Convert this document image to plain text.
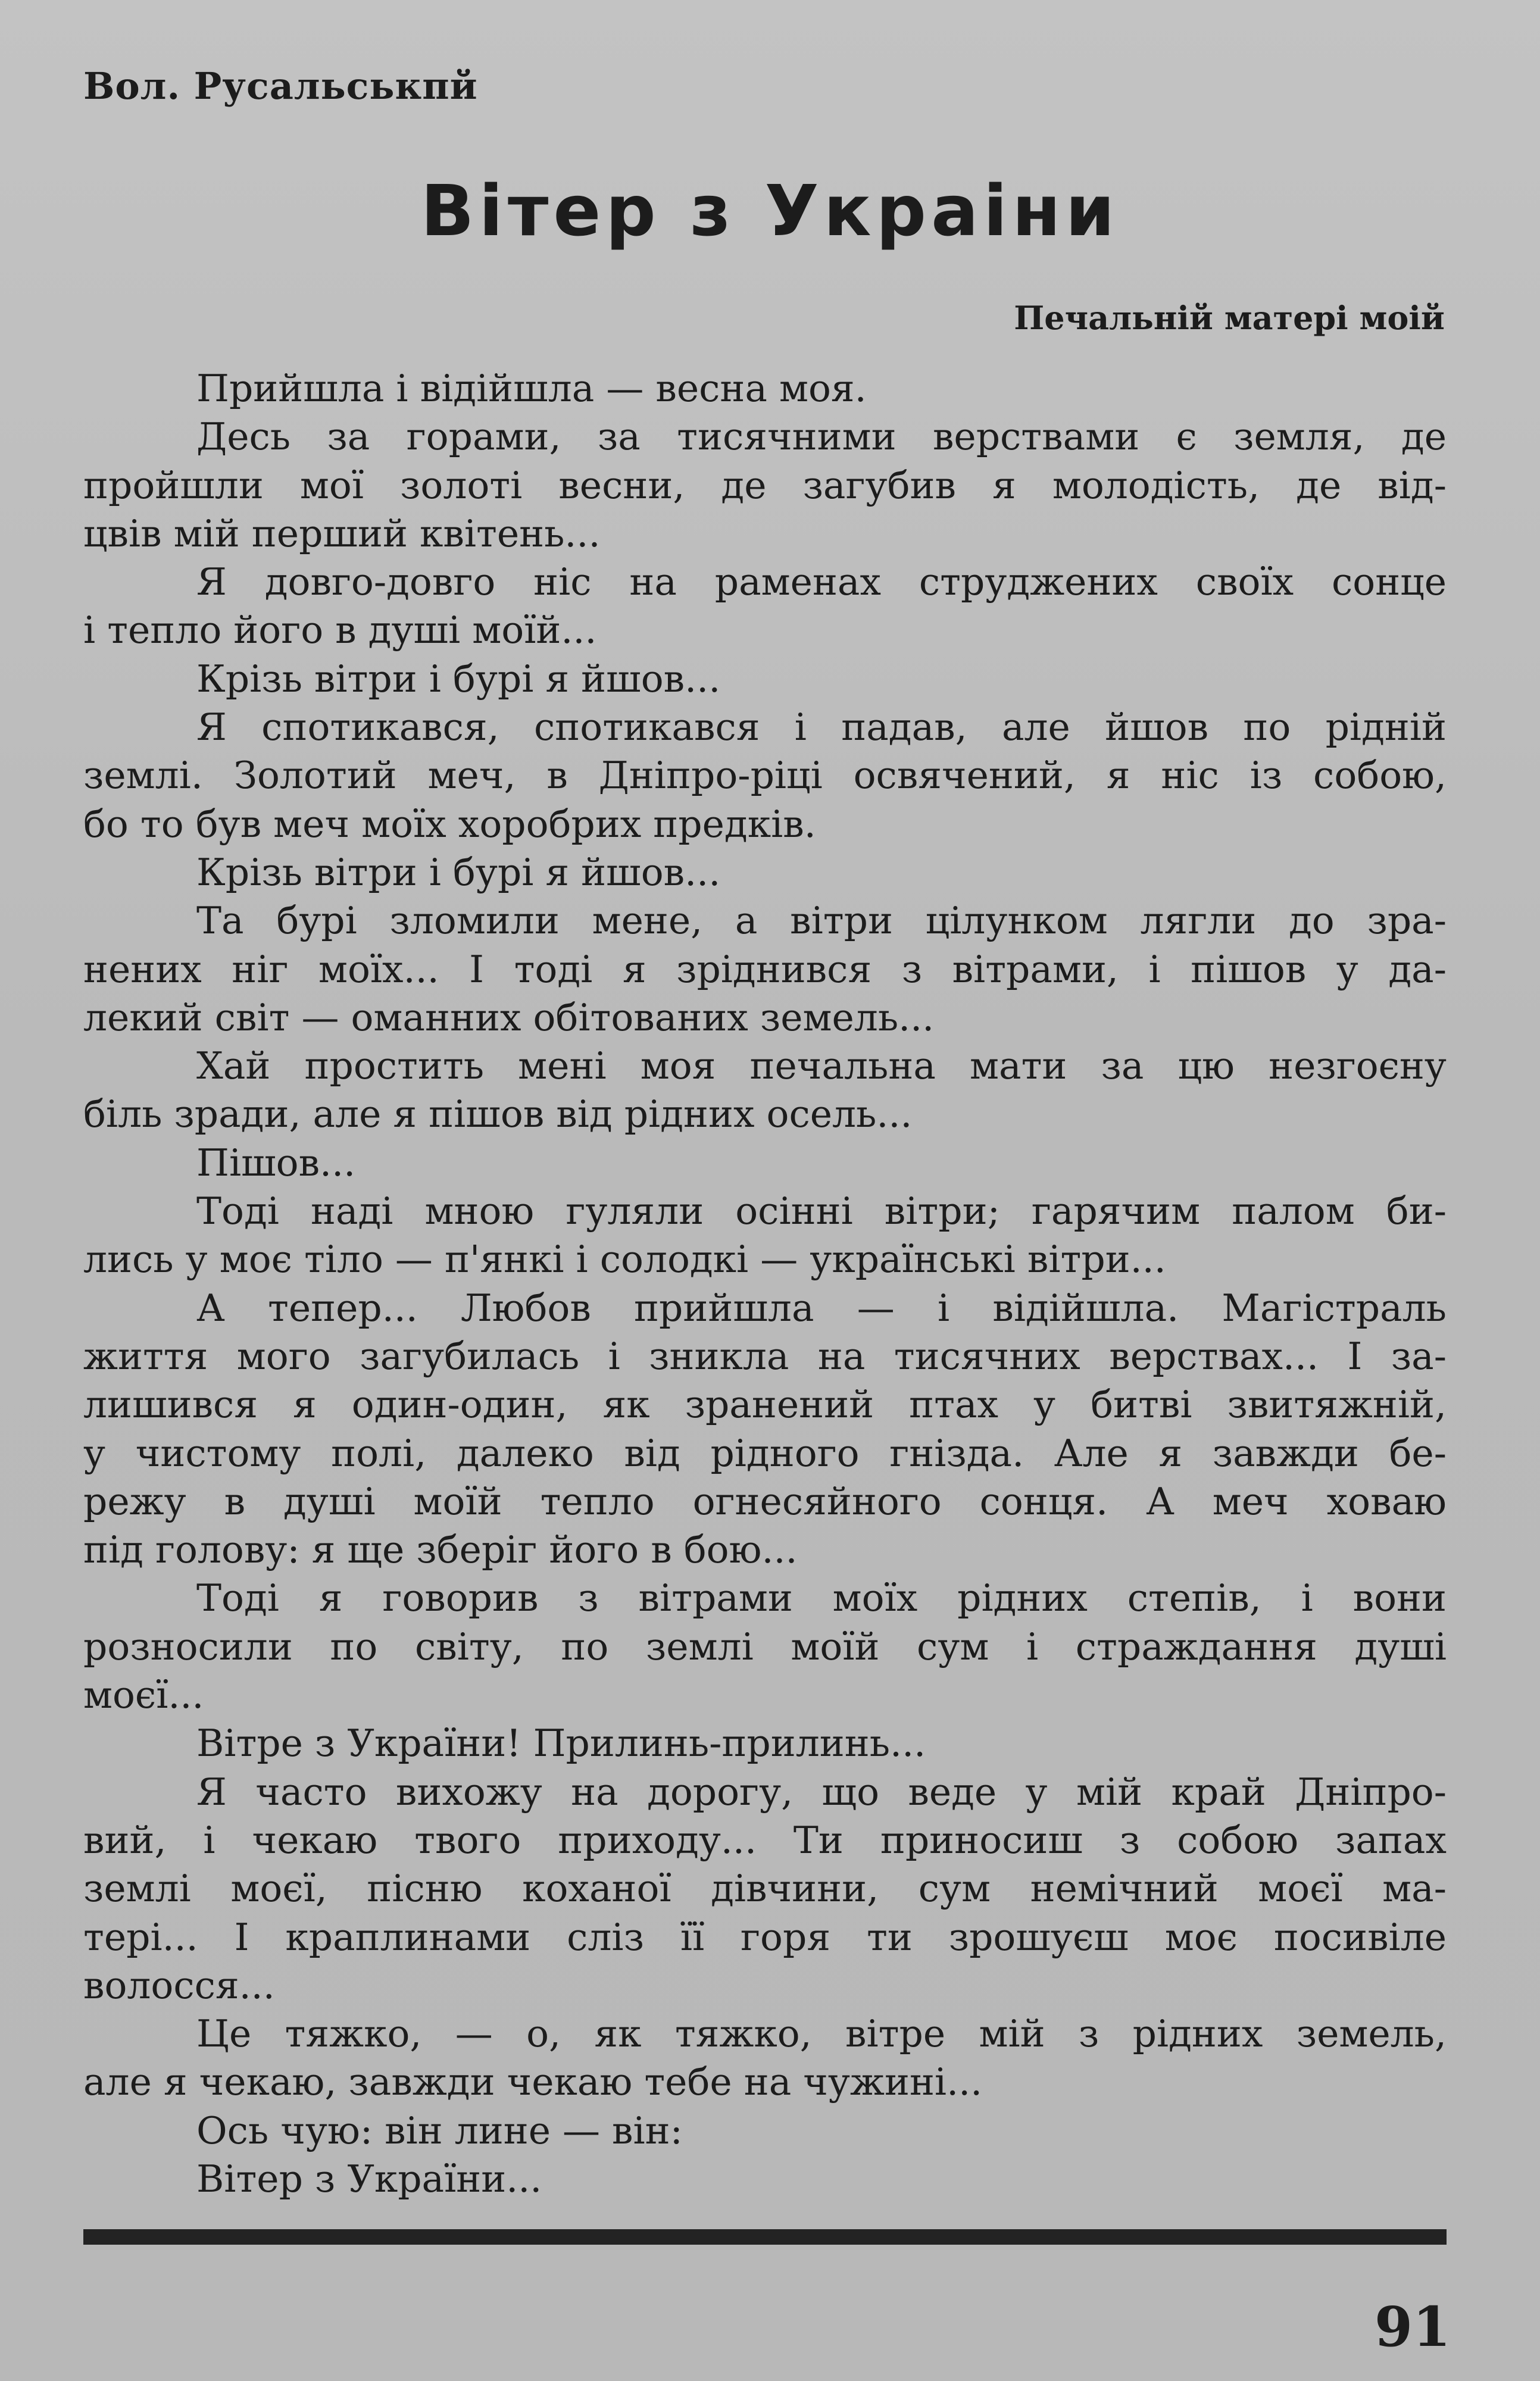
Вол. Русальськпй
Вітер з Украіни
Печальній матері моій
Прийшла і відійшла — весна моя.
Десь за горами, за тисячними верствами є земля, де
пройшли мої золоті весни, де загубив я молодість, де від-
цвів мій перший квітень...
Я довго-довго ніс на раменах струджених своїх сонце
і тепло його в душі моїй...
Крізь вітри і бурі я йшов...
Я спотикався, спотикався і падав, але йшов по рідній
землі. Золотий меч, в Дніпро-ріці освячений, я ніс із собою,
бо то був меч моїх хоробрих предків.
Крізь вітри і бурі я йшов...
Та бурі зломили мене, а вітри цілунком лягли до зра-
нених ніг моїх... І тоді я зріднився з вітрами, і пішов у да-
лекий світ — оманних обітованих земель...
Хай простить мені моя печальна мати за цю незгоєну
біль зради, але я пішов від рідних осель...
Пішов...
Тоді наді мною гуляли осінні вітри; гарячим палом би-
лись у моє тіло — п'янкі і солодкі — українські вітри...
А тепер... Любов прийшла — і відійшла. Магістраль
життя мого загубилась і зникла на тисячних верствах... І за-
лишився я один-один, як зранений птах у битві звитяжній,
у чистому полі, далеко від рідного гнізда. Але я завжди бе-
режу в душі моїй тепло огнесяйного сонця. А меч ховаю
під голову: я ще зберіг його в бою...
Тоді я говорив з вітрами моїх рідних степів, і вони
розносили по світу, по землі моїй сум і страждання душі
моєї...
Вітре з України! Прилинь-прилинь...
Я часто вихожу на дорогу, що веде у мій край Дніпро-
вий, і чекаю твого приходу... Ти приносиш з собою запах
землі моєї, пісню коханої дівчини, сум немічний моєї ма-
тері... І краплинами сліз її горя ти зрошуєш моє посивіле
волосся...
Це тяжко, — о, як тяжко, вітре мій з рідних земель,
але я чекаю, завжди чекаю тебе на чужині...
Ось чую: він лине — він:
Вітер з України...
91
